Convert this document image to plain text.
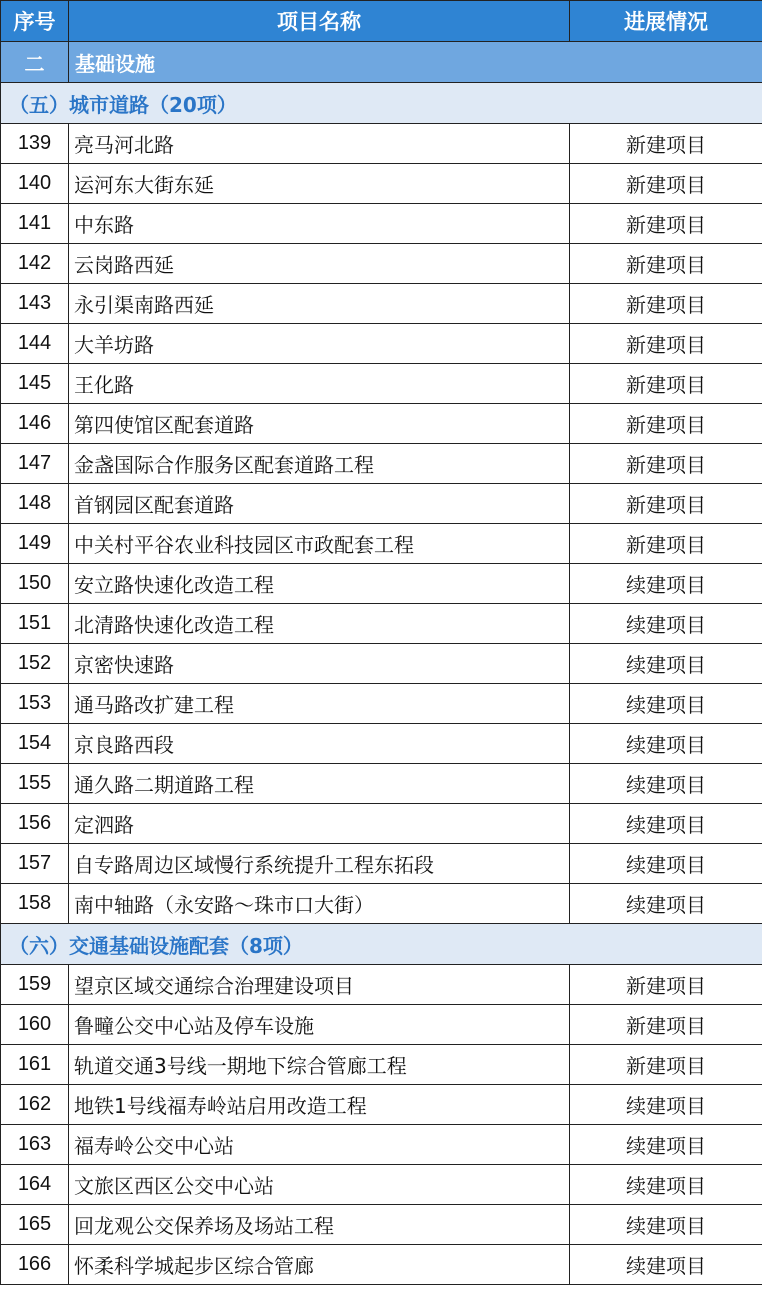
序号	项目名称	进展情况
二	基础设施	
（五）城市道路（20项）		
139	亮马河北路	新建项目
140	运河东大街东延	新建项目
141	中东路	新建项目
142	云岗路西延	新建项目
143	永引渠南路西延	新建项目
144	大羊坊路	新建项目
145	王化路	新建项目
146	第四使馆区配套道路	新建项目
147	金盏国际合作服务区配套道路工程	新建项目
148	首钢园区配套道路	新建项目
149	中关村平谷农业科技园区市政配套工程	新建项目
150	安立路快速化改造工程	续建项目
151	北清路快速化改造工程	续建项目
152	京密快速路	续建项目
153	通马路改扩建工程	续建项目
154	京良路西段	续建项目
155	通久路二期道路工程	续建项目
156	定泗路	续建项目
157	自专路周边区域慢行系统提升工程东拓段	续建项目
158	南中轴路（永安路～珠市口大街）	续建项目
（六）交通基础设施配套（8项）		
159	望京区域交通综合治理建设项目	新建项目
160	鲁疃公交中心站及停车设施	新建项目
161	轨道交通3号线一期地下综合管廊工程	新建项目
162	地铁1号线福寿岭站启用改造工程	续建项目
163	福寿岭公交中心站	续建项目
164	文旅区西区公交中心站	续建项目
165	回龙观公交保养场及场站工程	续建项目
166	怀柔科学城起步区综合管廊	续建项目
